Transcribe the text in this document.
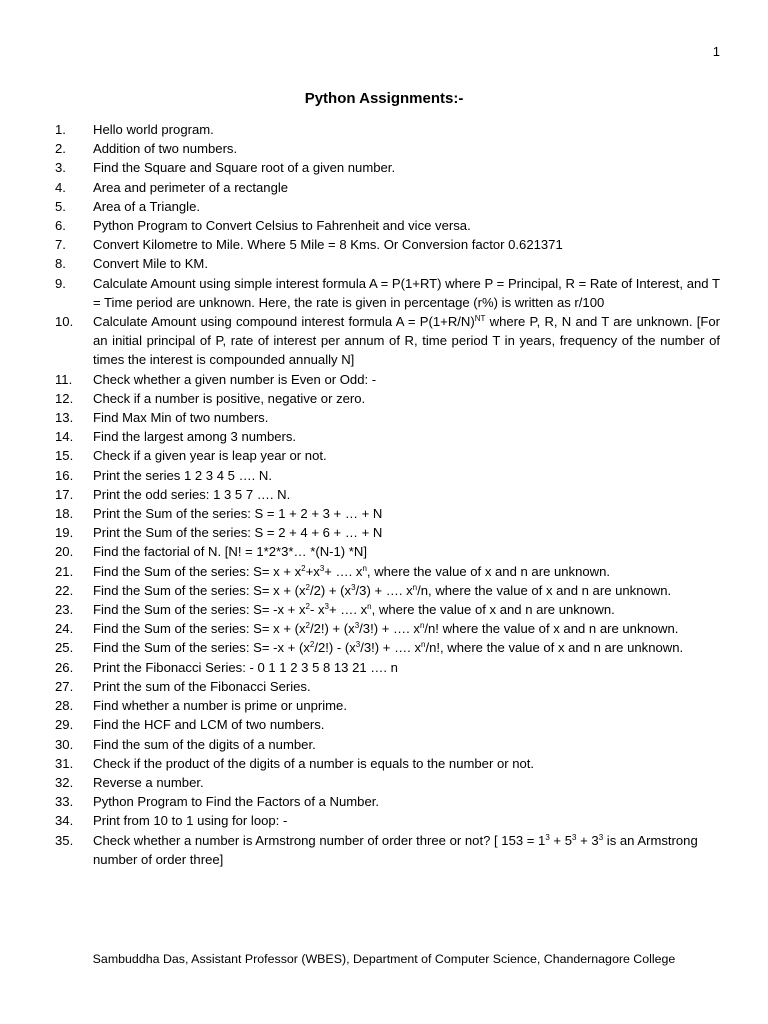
1
Python Assignments:-
1.	Hello world program.
2.	Addition of two numbers.
3.	Find the Square and Square root of a given number.
4.	Area and perimeter of a rectangle
5.	Area of a Triangle.
6.	Python Program to Convert Celsius to Fahrenheit and vice versa.
7.	Convert Kilometre to Mile. Where 5 Mile = 8 Kms. Or Conversion factor 0.621371
8.	Convert Mile to KM.
9.	Calculate Amount using simple interest formula A = P(1+RT) where P = Principal, R = Rate of Interest, and T = Time period are unknown. Here, the rate is given in percentage (r%) is written as r/100
10.	Calculate Amount using compound interest formula $A = P(1+R/N)^{NT}$ where P, R, N and T are unknown. [For an initial principal of P, rate of interest per annum of R, time period T in years, frequency of the number of times the interest is compounded annually N]
11.	Check whether a given number is Even or Odd: -
12.	Check if a number is positive, negative or zero.
13.	Find Max Min of two numbers.
14.	Find the largest among 3 numbers.
15.	Check if a given year is leap year or not.
16.	Print the series 1 2 3 4 5 …. N.
17.	Print the odd series: 1 3 5 7 …. N.
18.	Print the Sum of the series: S = 1 + 2 + 3 + … + N
19.	Print the Sum of the series: S = 2 + 4 + 6 + … + N
20.	Find the factorial of N. [N! = 1*2*3*… *(N-1) *N]
21.	Find the Sum of the series: $S= x + x^2+x^3+$ …. $x^n$, where the value of x and n are unknown.
22.	Find the Sum of the series: $S= x + (x^2/2) + (x^3/3)$ + …. $x^n/n$, where the value of x and n are unknown.
23.	Find the Sum of the series: $S= -x + x^2-$ $x^3+$ …. $x^n$, where the value of x and n are unknown.
24.	Find the Sum of the series: $S= x + (x^2/2!) + (x^3/3!)$ + …. $x^n/n$! where the value of x and n are unknown.
25.	Find the Sum of the series: $S= -x + (x^2/2!) - (x^3/3!)$ + …. $x^n/n$!, where the value of x and n are unknown.
26.	Print the Fibonacci Series: - 0 1 1 2 3 5 8 13 21 …. n
27.	Print the sum of the Fibonacci Series.
28.	Find whether a number is prime or unprime.
29.	Find the HCF and LCM of two numbers.
30.	Find the sum of the digits of a number.
31.	Check if the product of the digits of a number is equals to the number or not.
32.	Reverse a number.
33.	Python Program to Find the Factors of a Number.
34.	Print from 10 to 1 using for loop: -
35.	Check whether a number is Armstrong number of order three or not? [ $153 = 1^3 + 5^3 + 3^3$ is an Armstrong number of order three]
Sambuddha Das, Assistant Professor (WBES), Department of Computer Science, Chandernagore College
